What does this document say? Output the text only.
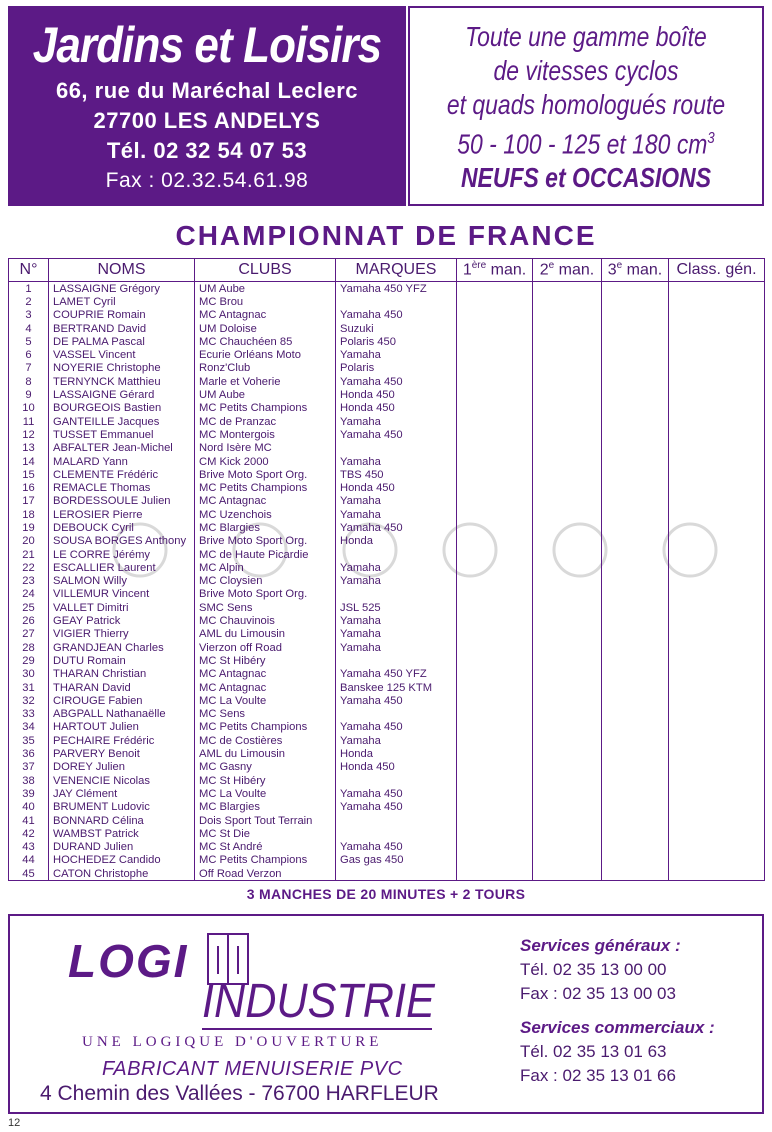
Jardins et Loisirs
66, rue du Maréchal Leclerc
27700 LES ANDELYS
Tél. 02 32 54 07 53
Fax : 02.32.54.61.98
Toute une gamme boîte
de vitesses cyclos
et quads homologués route
50 - 100 - 125 et 180 $cm^3$
NEUFS et OCCASIONS
CHAMPIONNAT DE FRANCE
N°	NOMS	CLUBS	MARQUES	1ère man.	2e man.	3e man.	Class. gén.
1	LASSAIGNE Grégory	UM Aube	Yamaha 450 YFZ				
2	LAMET Cyril	MC Brou					
3	COUPRIE Romain	MC Antagnac	Yamaha 450				
4	BERTRAND David	UM Doloise	Suzuki				
5	DE PALMA Pascal	MC Chauchéen 85	Polaris 450				
6	VASSEL Vincent	Ecurie Orléans Moto	Yamaha				
7	NOYERIE Christophe	Ronz'Club	Polaris				
8	TERNYNCK Matthieu	Marle et Voherie	Yamaha 450				
9	LASSAIGNE Gérard	UM Aube	Honda 450				
10	BOURGEOIS Bastien	MC Petits Champions	Honda 450				
11	GANTEILLE Jacques	MC de Pranzac	Yamaha				
12	TUSSET Emmanuel	MC Montergois	Yamaha 450				
13	ABFALTER Jean-Michel	Nord Isère MC					
14	MALARD Yann	CM Kick 2000	Yamaha				
15	CLEMENTE Frédéric	Brive Moto Sport Org.	TBS 450				
16	REMACLE Thomas	MC Petits Champions	Honda 450				
17	BORDESSOULE Julien	MC Antagnac	Yamaha				
18	LEROSIER Pierre	MC Uzenchois	Yamaha				
19	DEBOUCK Cyril	MC Blargies	Yamaha 450				
20	SOUSA BORGES Anthony	Brive Moto Sport Org.	Honda				
21	LE CORRE Jérémy	MC de Haute Picardie					
22	ESCALLIER Laurent	MC Alpin	Yamaha				
23	SALMON Willy	MC Cloysien	Yamaha				
24	VILLEMUR Vincent	Brive Moto Sport Org.					
25	VALLET Dimitri	SMC Sens	JSL 525				
26	GEAY Patrick	MC Chauvinois	Yamaha				
27	VIGIER Thierry	AML du Limousin	Yamaha				
28	GRANDJEAN Charles	Vierzon off Road	Yamaha				
29	DUTU Romain	MC St Hibéry					
30	THARAN Christian	MC Antagnac	Yamaha 450 YFZ				
31	THARAN David	MC Antagnac	Banskee 125 KTM				
32	CIROUGE Fabien	MC La Voulte	Yamaha 450				
33	ABGPALL Nathanaëlle	MC Sens					
34	HARTOUT Julien	MC Petits Champions	Yamaha 450				
35	PECHAIRE Frédéric	MC de Costières	Yamaha				
36	PARVERY Benoit	AML du Limousin	Honda				
37	DOREY Julien	MC Gasny	Honda 450				
38	VENENCIE Nicolas	MC St Hibéry					
39	JAY Clément	MC La Voulte	Yamaha 450				
40	BRUMENT Ludovic	MC Blargies	Yamaha 450				
41	BONNARD Célina	Dois Sport Tout Terrain					
42	WAMBST Patrick	MC St Die					
43	DURAND Julien	MC St André	Yamaha 450				
44	HOCHEDEZ Candido	MC Petits Champions	Gas gas 450				
45	CATON Christophe	Off Road Verzon					
3 MANCHES DE 20 MINUTES + 2 TOURS
LOGI
INDUSTRIE
UNE LOGIQUE D'OUVERTURE
FABRICANT MENUISERIE PVC
4 Chemin des Vallées - 76700 HARFLEUR
Services généraux :
Tél. 02 35 13 00 00
Fax : 02 35 13 00 03
Services commerciaux :
Tél. 02 35 13 01 63
Fax : 02 35 13 01 66
12
